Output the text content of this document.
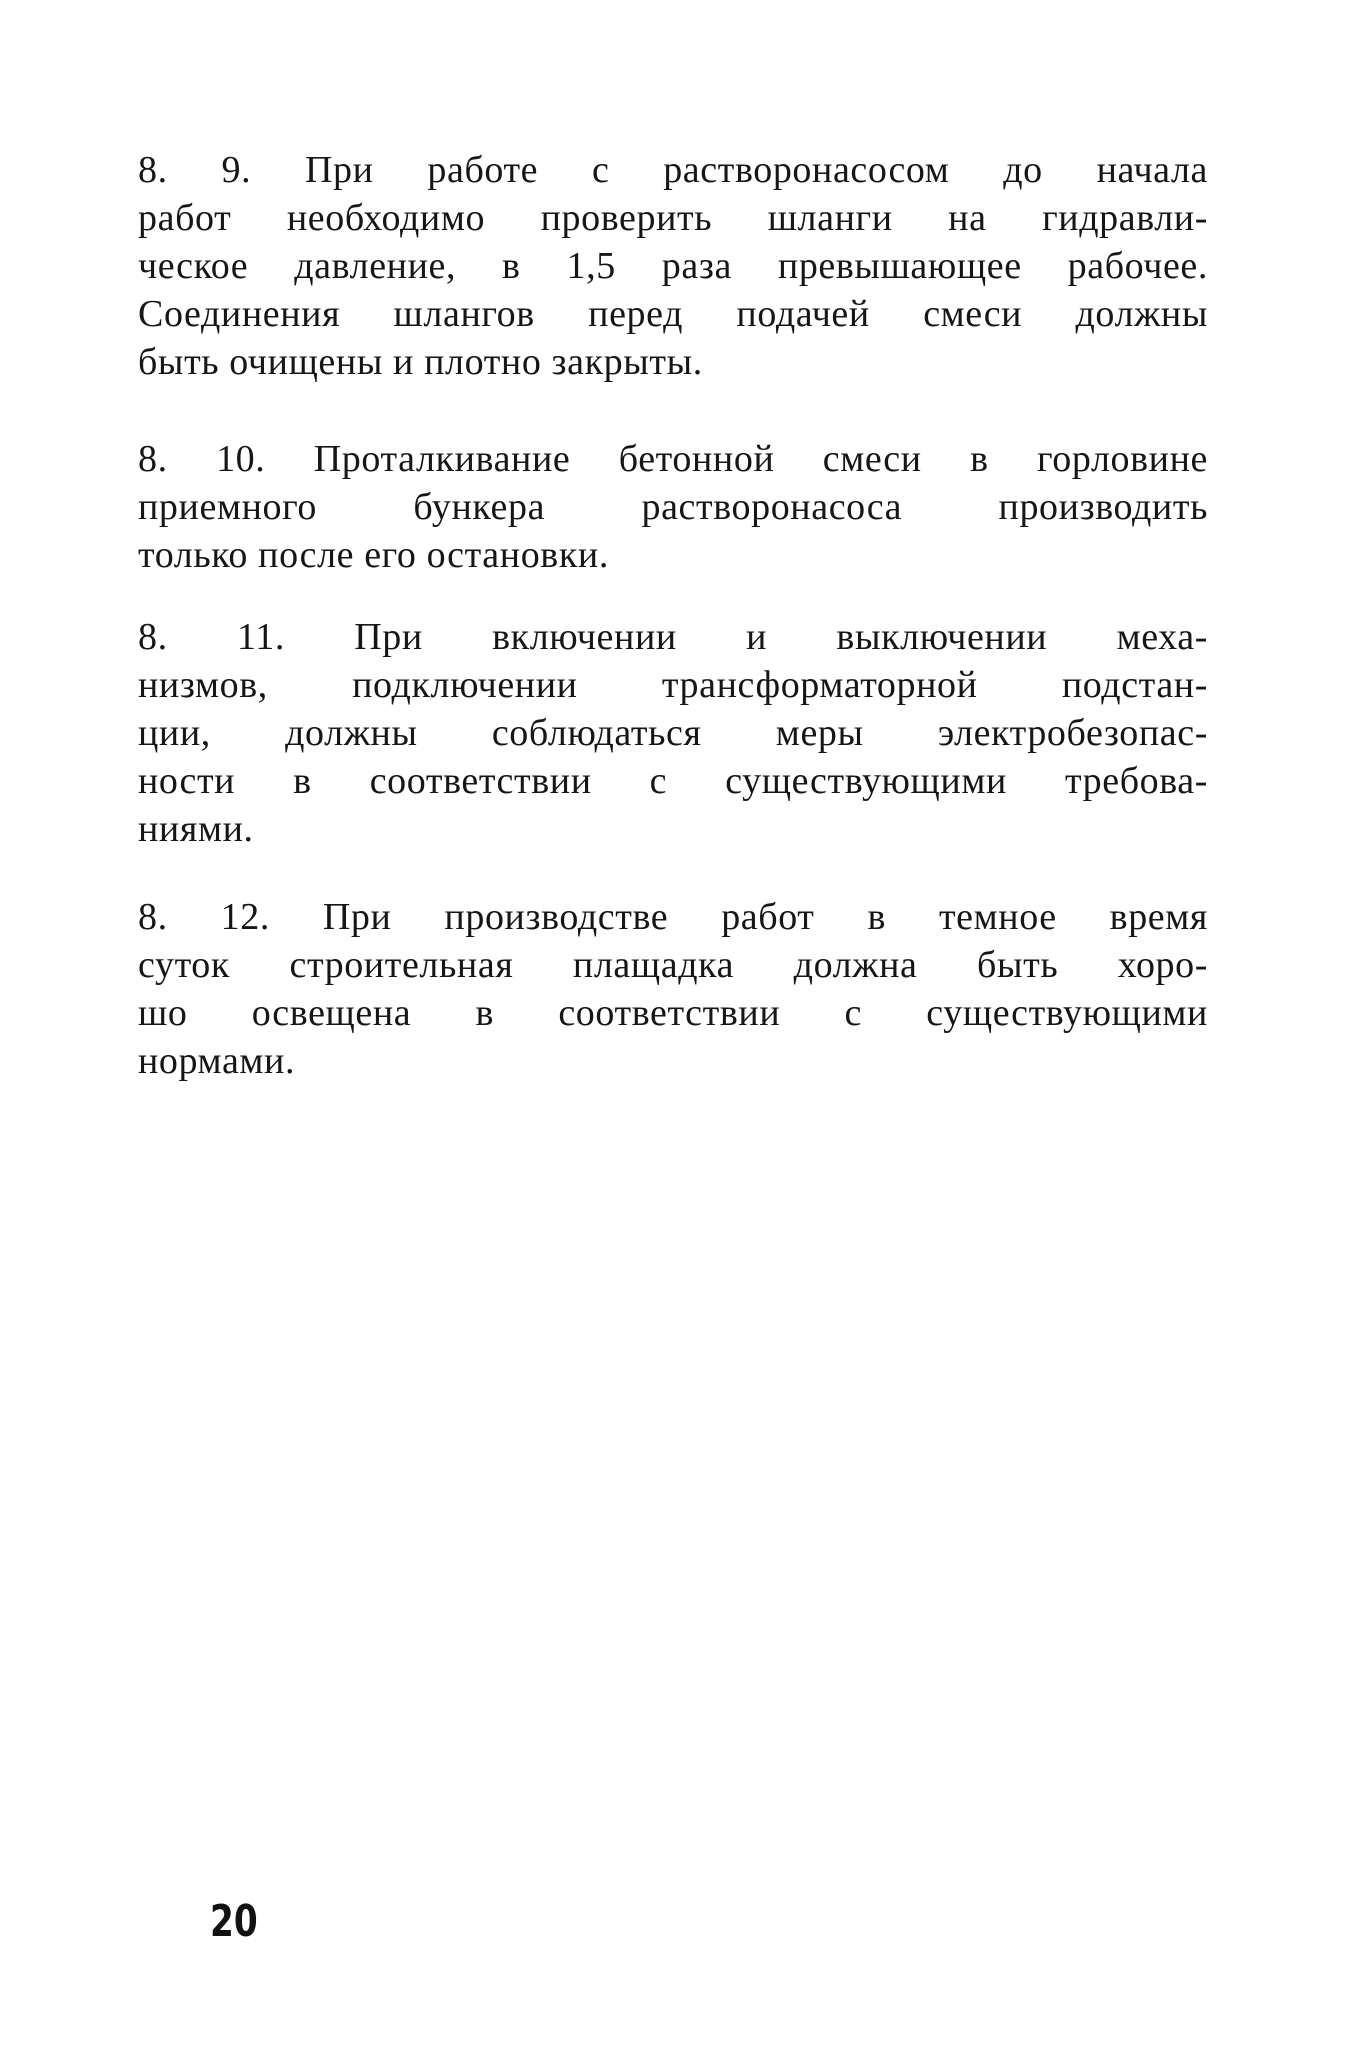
8. 9. При работе с растворонасосом до начала
работ необходимо проверить шланги на гидравли-
ческое давление, в 1,5 раза превышающее рабочее.
Соединения шлангов перед подачей смеси должны
быть очищены и плотно закрыты.
8. 10. Проталкивание бетонной смеси в горловине
приемного бункера растворонасоса производить
только после его остановки.
8. 11. При включении и выключении меха-
низмов, подключении трансформаторной подстан-
ции, должны соблюдаться меры электробезопас-
ности в соответствии с существующими требова-
ниями.
8. 12. При производстве работ в темное время
суток строительная плащадка должна быть хоро-
шо освещена в соответствии с существующими
нормами.
20
